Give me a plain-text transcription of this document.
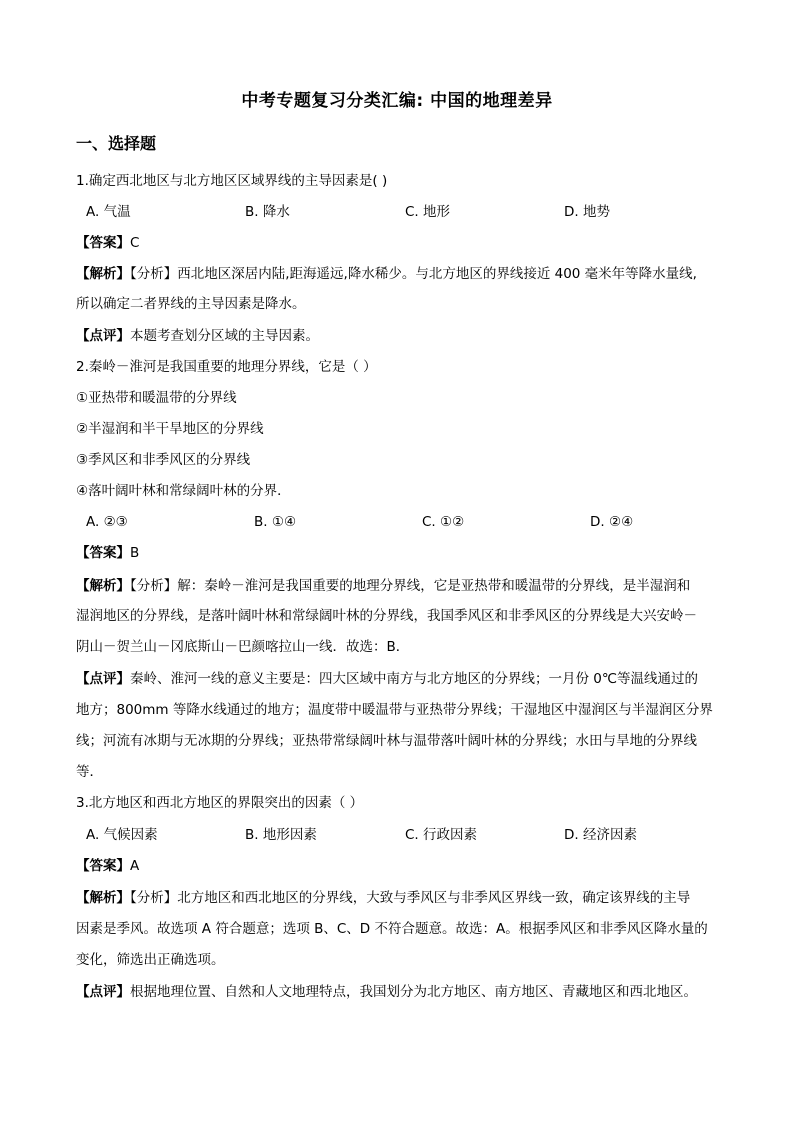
中考专题复习分类汇编: 中国的地理差异
一、选择题
1.确定西北地区与北方地区区域界线的主导因素是( )
A. 气温	B. 降水	C. 地形	D. 地势
【答案】C
【解析】【分析】西北地区深居内陆,距海遥远,降水稀少。与北方地区的界线接近 400 毫米年等降水量线,
所以确定二者界线的主导因素是降水。
【点评】本题考查划分区域的主导因素。
2.秦岭－淮河是我国重要的地理分界线，它是（ ）
①亚热带和暖温带的分界线
②半湿润和半干旱地区的分界线
③季风区和非季风区的分界线
④落叶阔叶林和常绿阔叶林的分界．
A. ②③	B. ①④	C. ①②	D. ②④
【答案】B
【解析】【分析】解：秦岭－淮河是我国重要的地理分界线，它是亚热带和暖温带的分界线，是半湿润和
湿润地区的分界线，是落叶阔叶林和常绿阔叶林的分界线，我国季风区和非季风区的分界线是大兴安岭－
阴山－贺兰山－冈底斯山－巴颜喀拉山一线．故选：B．
【点评】秦岭、淮河一线的意义主要是：四大区域中南方与北方地区的分界线；一月份 0℃等温线通过的
地方；800mm 等降水线通过的地方；温度带中暖温带与亚热带分界线；干湿地区中湿润区与半湿润区分界
线；河流有冰期与无冰期的分界线；亚热带常绿阔叶林与温带落叶阔叶林的分界线；水田与旱地的分界线
等．
3.北方地区和西北方地区的界限突出的因素（ ）
A. 气候因素	B. 地形因素	C. 行政因素	D. 经济因素
【答案】A
【解析】【分析】北方地区和西北地区的分界线，大致与季风区与非季风区界线一致，确定该界线的主导
因素是季风。故选项 A 符合题意；选项 B、C、D 不符合题意。故选：A。根据季风区和非季风区降水量的
变化，筛选出正确选项。
【点评】根据地理位置、自然和人文地理特点，我国划分为北方地区、南方地区、青藏地区和西北地区。
